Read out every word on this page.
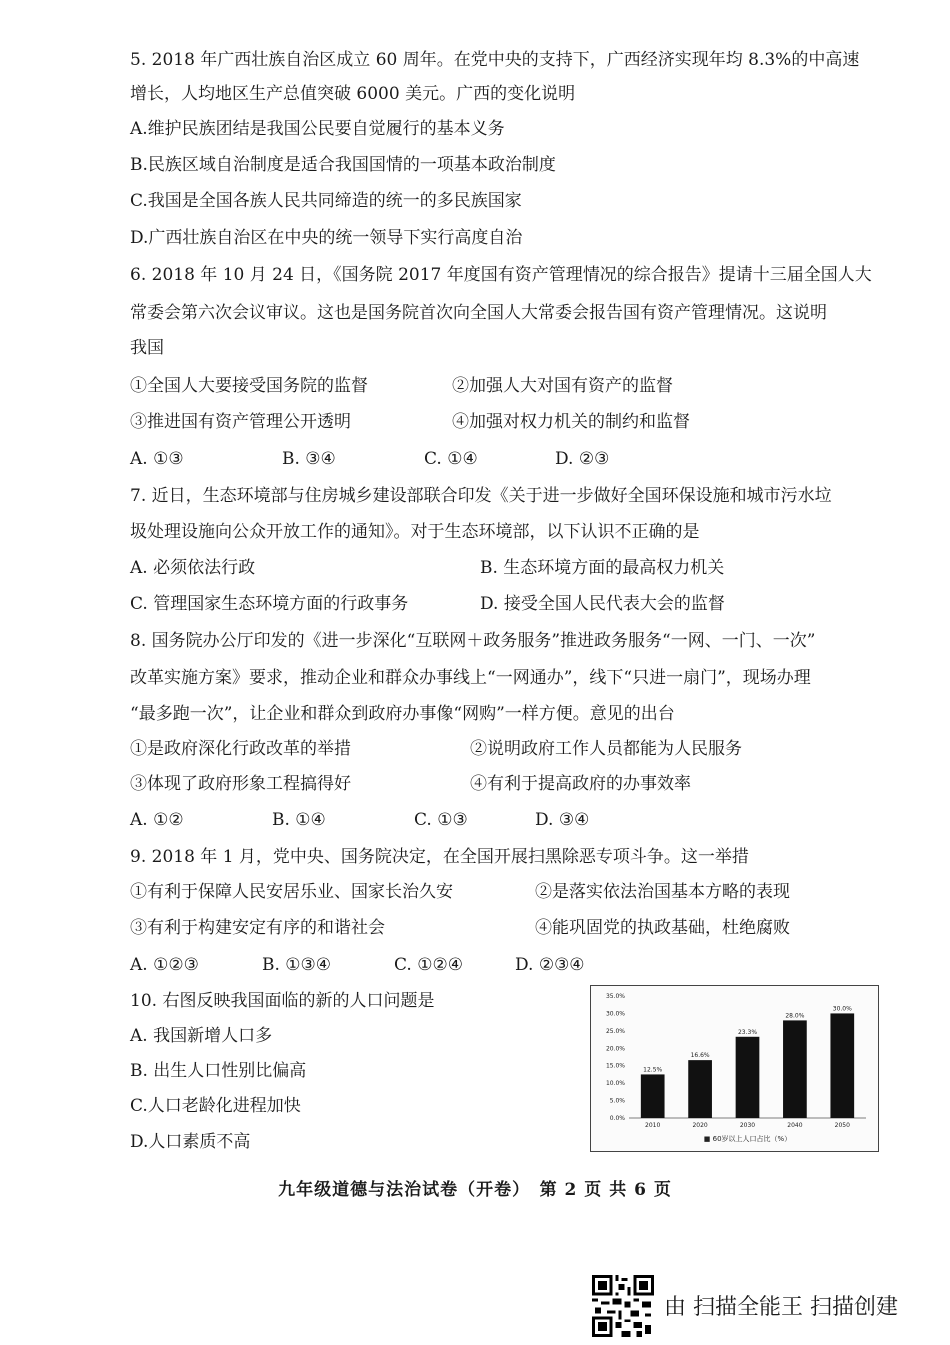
5. 2018 年广西壮族自治区成立 60 周年。在党中央的支持下，广西经济实现年均 8.3%的中高速
增长，人均地区生产总值突破 6000 美元。广西的变化说明
A.维护民族团结是我国公民要自觉履行的基本义务
B.民族区域自治制度是适合我国国情的一项基本政治制度
C.我国是全国各族人民共同缔造的统一的多民族国家
D.广西壮族自治区在中央的统一领导下实行高度自治
6. 2018 年 10 月 24 日，《国务院 2017 年度国有资产管理情况的综合报告》提请十三届全国人大
常委会第六次会议审议。这也是国务院首次向全国人大常委会报告国有资产管理情况。这说明
我国
①全国人大要接受国务院的监督	②加强人大对国有资产的监督
③推进国有资产管理公开透明	④加强对权力机关的制约和监督
A. ①③	B. ③④	C. ①④	D. ②③
7. 近日，生态环境部与住房城乡建设部联合印发《关于进一步做好全国环保设施和城市污水垃
圾处理设施向公众开放工作的通知》。对于生态环境部，以下认识不正确的是
A. 必须依法行政	B. 生态环境方面的最高权力机关
C. 管理国家生态环境方面的行政事务	D. 接受全国人民代表大会的监督
8. 国务院办公厅印发的《进一步深化“互联网＋政务服务”推进政务服务“一网、一门、一次”
改革实施方案》要求，推动企业和群众办事线上“一网通办”，线下“只进一扇门”，现场办理
“最多跑一次”，让企业和群众到政府办事像“网购”一样方便。意见的出台
①是政府深化行政改革的举措	②说明政府工作人员都能为人民服务
③体现了政府形象工程搞得好	④有利于提高政府的办事效率
A. ①②	B. ①④	C. ①③	D. ③④
9. 2018 年 1 月，党中央、国务院决定，在全国开展扫黑除恶专项斗争。这一举措
①有利于保障人民安居乐业、国家长治久安	②是落实依法治国基本方略的表现
③有利于构建安定有序的和谐社会	④能巩固党的执政基础，杜绝腐败
A. ①②③	B. ①③④	C. ①②④	D. ②③④
10. 右图反映我国面临的新的人口问题是
A. 我国新增人口多
B. 出生人口性别比偏高
C.人口老龄化进程加快
D.人口素质不高
35.0%
30.0%
25.0%
20.0%
15.0%
10.0%
5.0%
0.0%
12.5%
2010
16.6%
2020
23.3%
2030
28.0%
2040
30.0%
2050
■ 60岁以上人口占比（%）
九年级道德与法治试卷（开卷）　第 2 页 共 6 页
由 扫描全能王 扫描创建
